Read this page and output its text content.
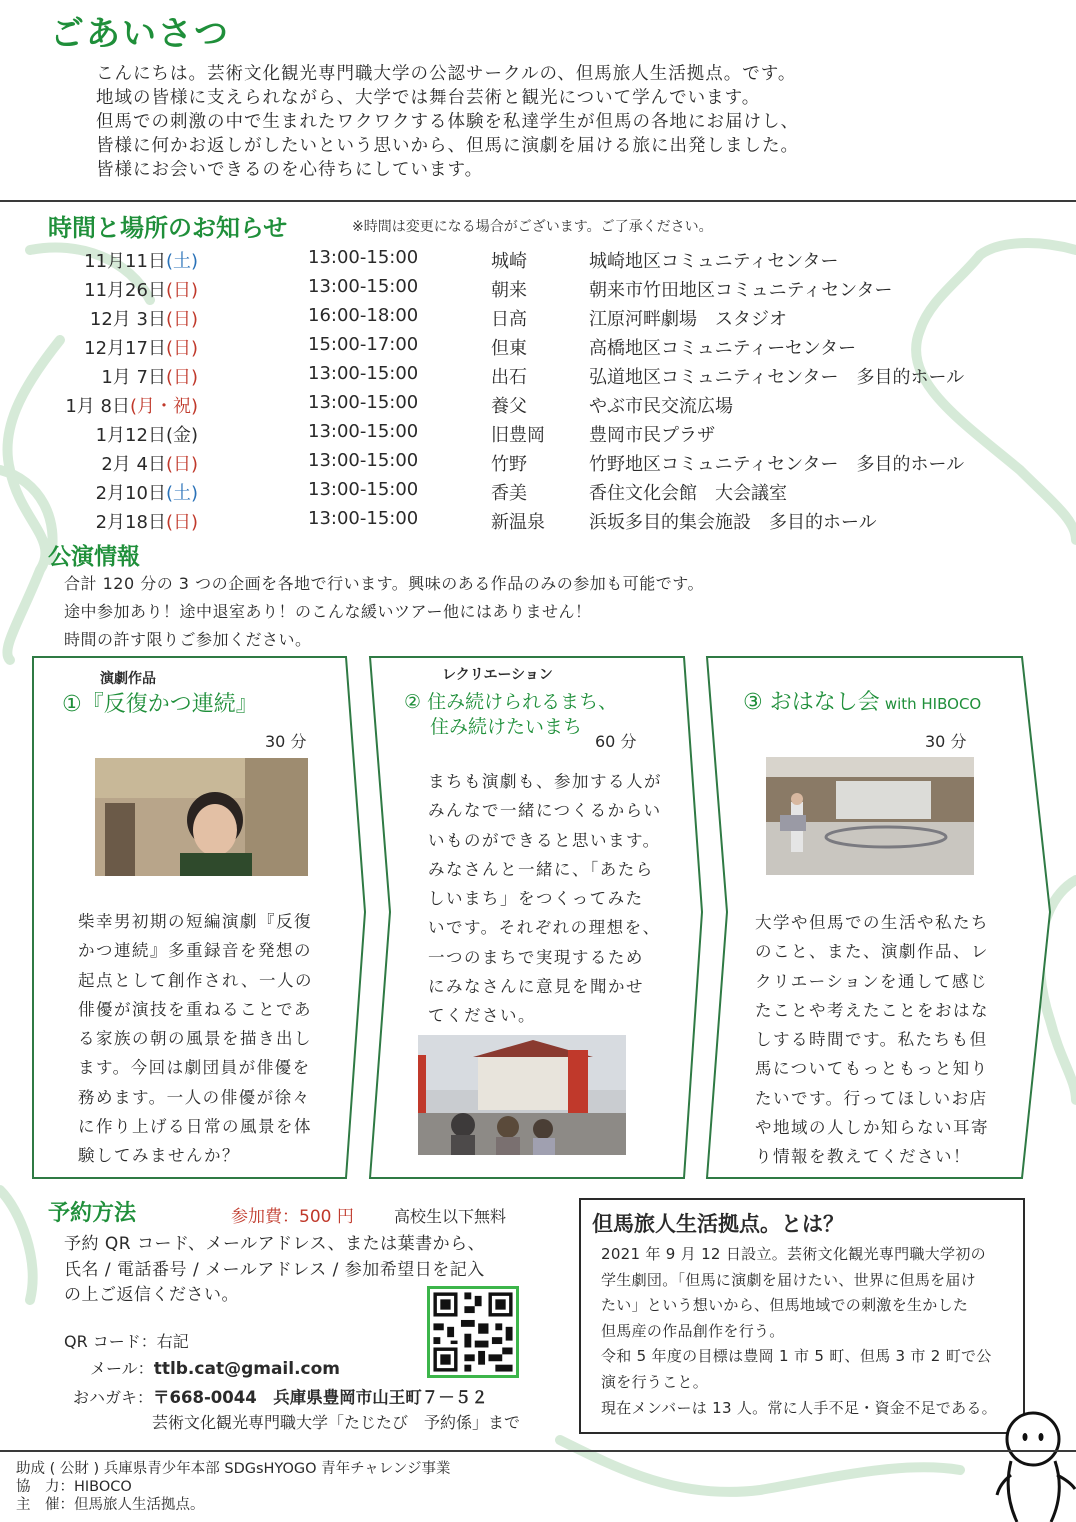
ごあいさつ
こんにちは。芸術文化観光専門職大学の公認サークルの、但馬旅人生活拠点。です。
地域の皆様に支えられながら、大学では舞台芸術と観光について学んでいます。
但馬での刺激の中で生まれたワクワクする体験を私達学生が但馬の各地にお届けし、
皆様に何かお返しがしたいという思いから、但馬に演劇を届ける旅に出発しました。
皆様にお会いできるのを心待ちにしています。
時間と場所のお知らせ	※時間は変更になる場合がございます。ご了承ください。
11月11日(土)	13:00-15:00	城崎	城崎地区コミュニティセンター
11月26日(日)	13:00-15:00	朝来	朝来市竹田地区コミュニティセンター
12月 3日(日)	16:00-18:00	日高	江原河畔劇場　スタジオ
12月17日(日)	15:00-17:00	但東	高橋地区コミュニティーセンター
1月 7日(日)	13:00-15:00	出石	弘道地区コミュニティセンター　多目的ホール
1月 8日(月・祝)	13:00-15:00	養父	やぶ市民交流広場
1月12日(金)	13:00-15:00	旧豊岡 豊岡市民プラザ
2月 4日(日)	13:00-15:00	竹野	竹野地区コミュニティセンター　多目的ホール
2月10日(土)	13:00-15:00	香美	香住文化会館　大会議室
2月18日(日)	13:00-15:00	新温泉 浜坂多目的集会施設　多目的ホール
公演情報
合計 120 分の 3 つの企画を各地で行います。興味のある作品のみの参加も可能です。
途中参加あり！途中退室あり！のこんな緩いツアー他にはありません！
時間の許す限りご参加ください。
演劇作品
①『反復かつ連続』
30 分
柴幸男初期の短編演劇『反復
かつ連続』多重録音を発想の
起点として創作され、一人の
俳優が演技を重ねることであ
る家族の朝の風景を描き出し
ます。今回は劇団員が俳優を
務めます。一人の俳優が徐々
に作り上げる日常の風景を体
験してみませんか？
レクリエーション
② 住み続けられるまち、
住み続けたいまち
60 分
まちも演劇も、参加する人が
みんなで一緒につくるからい
いものができると思います。
みなさんと一緒に、「あたら
しいまち」をつくってみた
いです。それぞれの理想を、
一つのまちで実現するため
にみなさんに意見を聞かせ
てください。
③ おはなし会 with HIBOCO
30 分
大学や但馬での生活や私たち
のこと、また、演劇作品、レ
クリエーションを通して感じ
たことや考えたことをおはな
しする時間です。私たちも但
馬についてもっともっと知り
たいです。行ってほしいお店
や地域の人しか知らない耳寄
り情報を教えてください！
予約方法	参加費：500 円	高校生以下無料
予約 QR コード、メールアドレス、または葉書から、
氏名 / 電話番号 / メールアドレス / 参加希望日を記入
の上ご返信ください。
QR コード：右記
メール：ttlb.cat@gmail.com
おハガキ：〒668-0044　兵庫県豊岡市山王町７－５２
芸術文化観光専門職大学「たじたび　予約係」まで
但馬旅人生活拠点。とは？
2021 年 9 月 12 日設立。芸術文化観光専門職大学初の
学生劇団。「但馬に演劇を届けたい、世界に但馬を届け
たい」という想いから、但馬地域での刺激を生かした
但馬産の作品創作を行う。
令和 5 年度の目標は豊岡 1 市 5 町、但馬 3 市 2 町で公
演を行うこと。
現在メンバーは 13 人。常に人手不足・資金不足である。
助成 ( 公財 ) 兵庫県青少年本部 SDGsHYOGO 青年チャレンジ事業
協　力：HIBOCO
主　催：但馬旅人生活拠点。
